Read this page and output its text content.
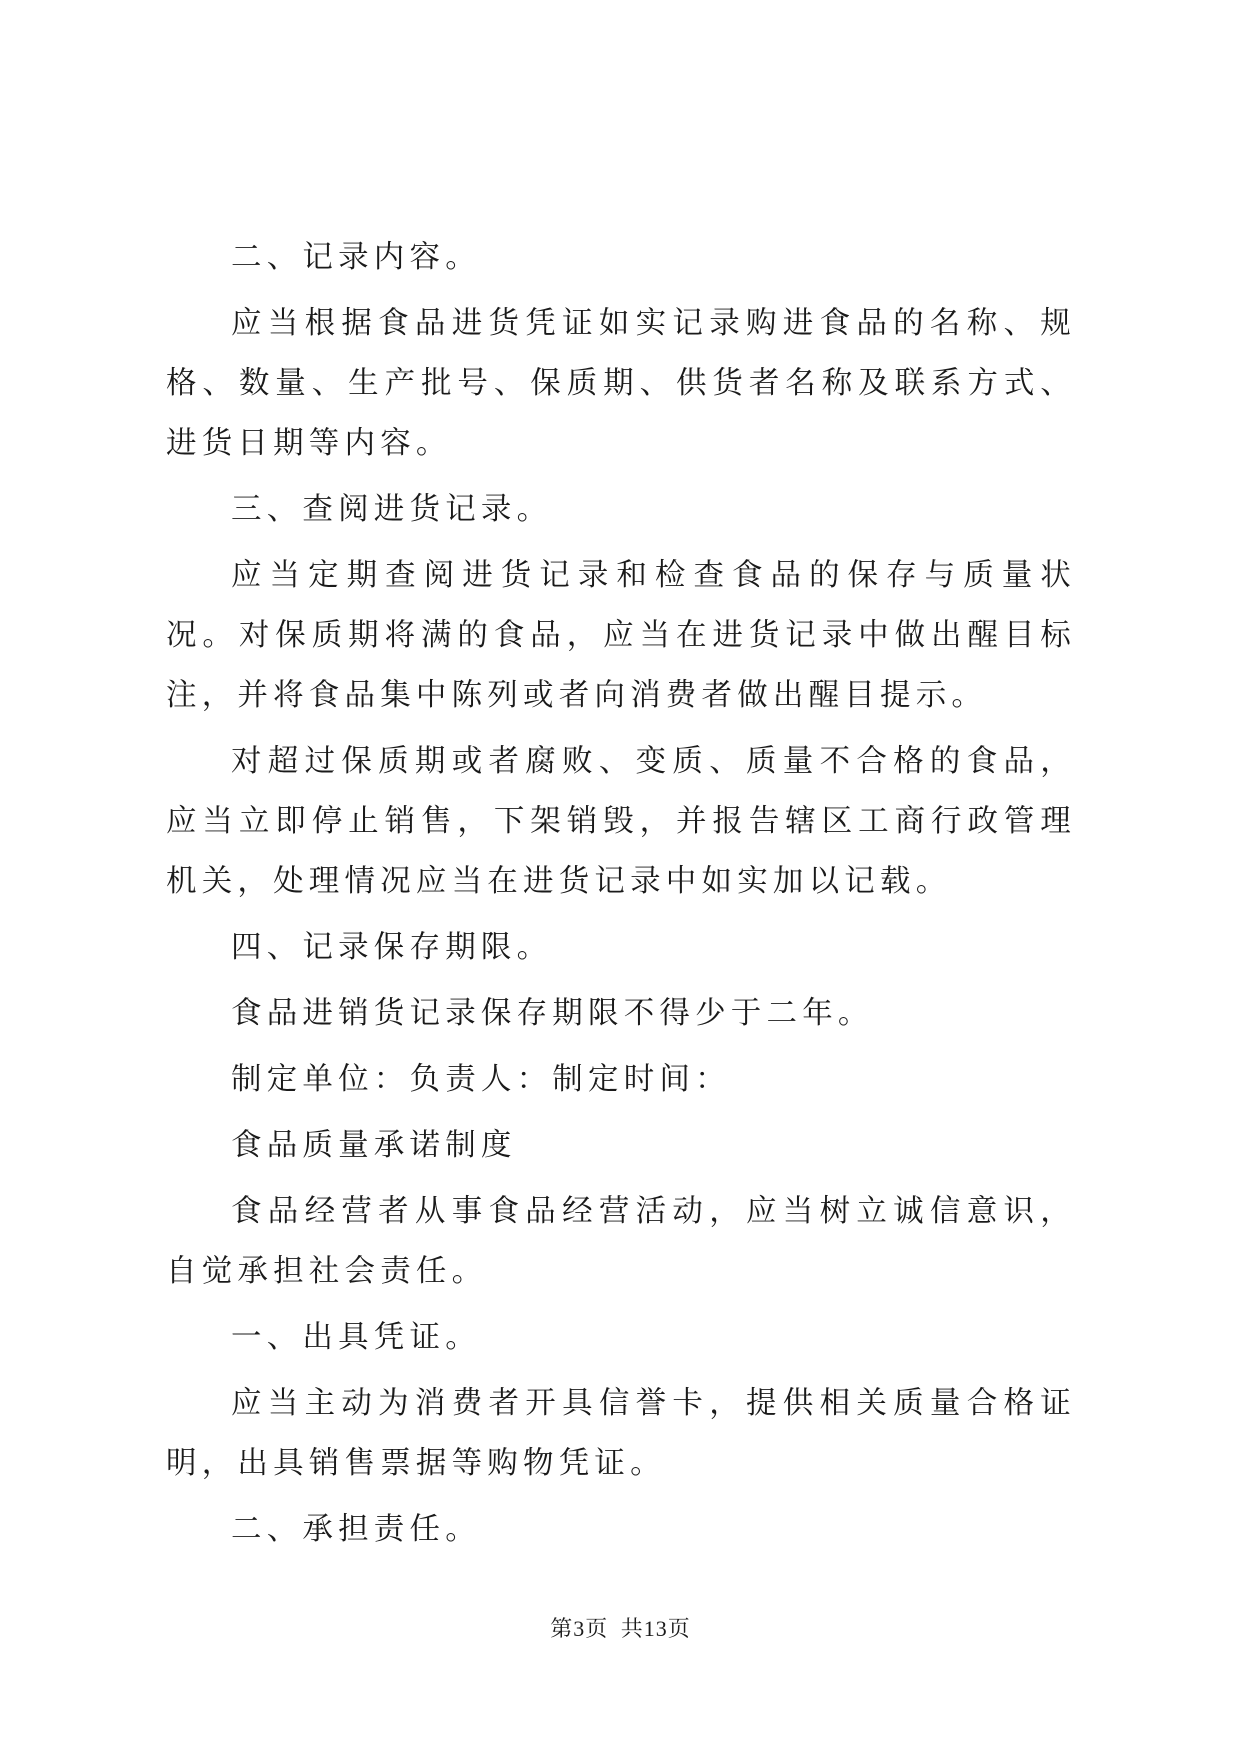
二、记录内容。

应当根据食品进货凭证如实记录购进食品的名称、规格、数量、生产批号、保质期、供货者名称及联系方式、进货日期等内容。

三、查阅进货记录。

应当定期查阅进货记录和检查食品的保存与质量状况。对保质期将满的食品，应当在进货记录中做出醒目标注，并将食品集中陈列或者向消费者做出醒目提示。

对超过保质期或者腐败、变质、质量不合格的食品，应当立即停止销售，下架销毁，并报告辖区工商行政管理机关，处理情况应当在进货记录中如实加以记载。

四、记录保存期限。

食品进销货记录保存期限不得少于二年。

制定单位：负责人：制定时间：

食品质量承诺制度

食品经营者从事食品经营活动，应当树立诚信意识，自觉承担社会责任。

一、出具凭证。

应当主动为消费者开具信誉卡，提供相关质量合格证明，出具销售票据等购物凭证。

二、承担责任。

第3页 共13页
